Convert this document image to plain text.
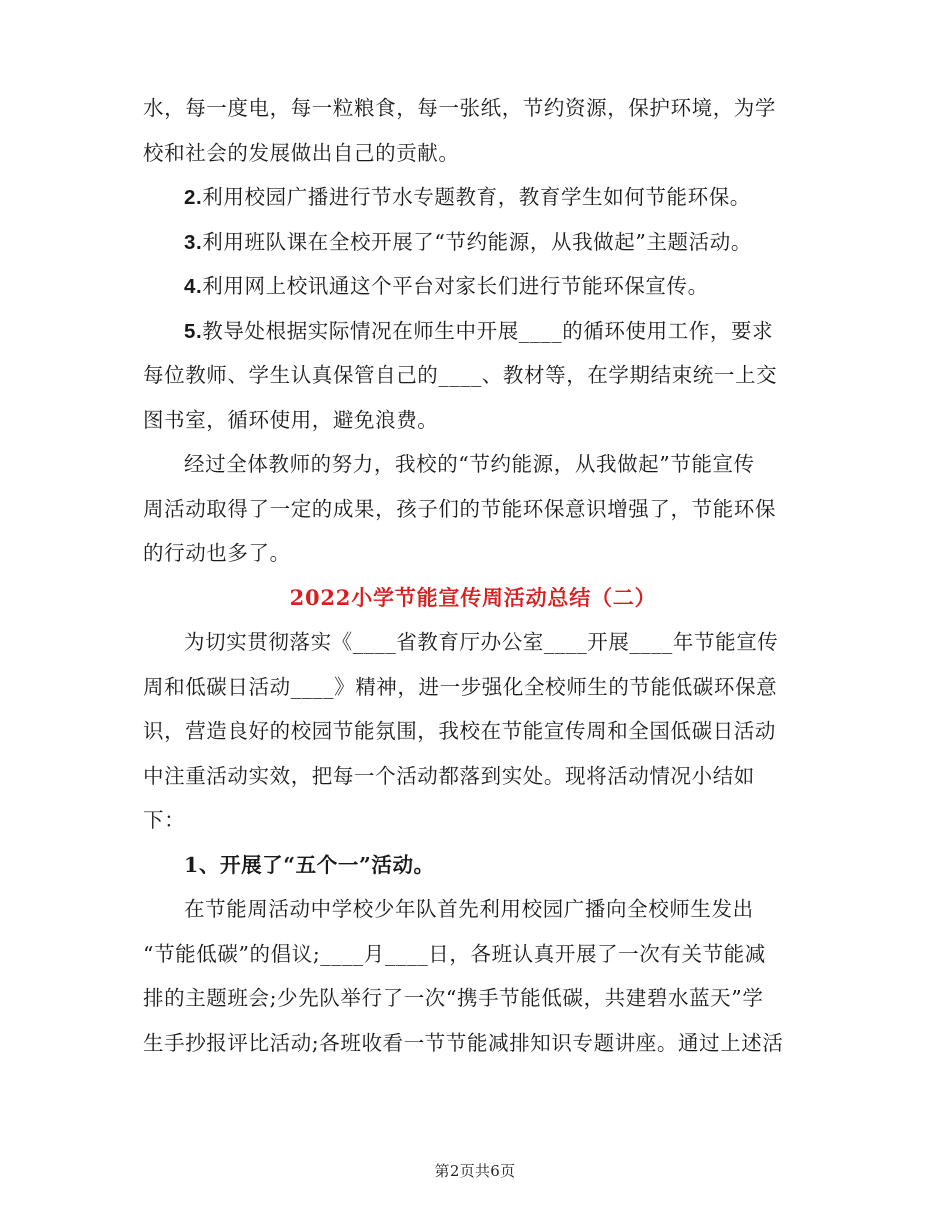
水，每一度电，每一粒粮食，每一张纸，节约资源，保护环境，为学
校和社会的发展做出自己的贡献。
2.利用校园广播进行节水专题教育，教育学生如何节能环保。
3.利用班队课在全校开展了“节约能源，从我做起”主题活动。
4.利用网上校讯通这个平台对家长们进行节能环保宣传。
5.教导处根据实际情况在师生中开展____的循环使用工作，要求
每位教师、学生认真保管自己的____、教材等，在学期结束统一上交
图书室，循环使用，避免浪费。
经过全体教师的努力，我校的“节约能源，从我做起”节能宣传
周活动取得了一定的成果，孩子们的节能环保意识增强了，节能环保
的行动也多了。
2022小学节能宣传周活动总结（二）
为切实贯彻落实《____省教育厅办公室____开展____年节能宣传
周和低碳日活动____》精神，进一步强化全校师生的节能低碳环保意
识，营造良好的校园节能氛围，我校在节能宣传周和全国低碳日活动
中注重活动实效，把每一个活动都落到实处。现将活动情况小结如
下：
1、开展了“五个一”活动。
在节能周活动中学校少年队首先利用校园广播向全校师生发出
“节能低碳”的倡议;____月____日，各班认真开展了一次有关节能减
排的主题班会;少先队举行了一次“携手节能低碳，共建碧水蓝天”学
生手抄报评比活动;各班收看一节节能减排知识专题讲座。通过上述活
第2页共6页
